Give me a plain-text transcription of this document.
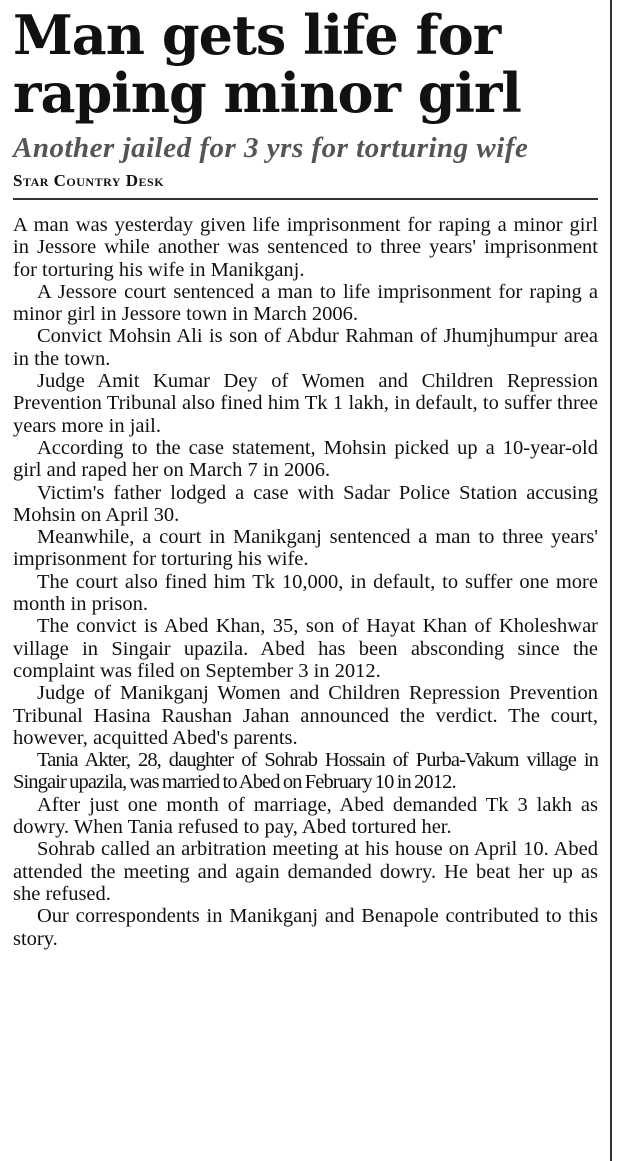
Man gets life for raping minor girl
Another jailed for 3 yrs for torturing wife
Star Country Desk

A man was yesterday given life imprisonment for raping a minor girl in Jessore while another was sentenced to three years' imprisonment for torturing his wife in Manikganj.

A Jessore court sentenced a man to life imprisonment for raping a minor girl in Jessore town in March 2006.

Convict Mohsin Ali is son of Abdur Rahman of Jhumjhumpur area in the town.

Judge Amit Kumar Dey of Women and Children Repression Prevention Tribunal also fined him Tk 1 lakh, in default, to suffer three years more in jail.

According to the case statement, Mohsin picked up a 10-year-old girl and raped her on March 7 in 2006.

Victim's father lodged a case with Sadar Police Station accusing Mohsin on April 30.

Meanwhile, a court in Manikganj sentenced a man to three years' imprisonment for torturing his wife.

The court also fined him Tk 10,000, in default, to suffer one more month in prison.

The convict is Abed Khan, 35, son of Hayat Khan of Kholeshwar village in Singair upazila. Abed has been absconding since the complaint was filed on September 3 in 2012.

Judge of Manikganj Women and Children Repression Prevention Tribunal Hasina Raushan Jahan announced the verdict. The court, however, acquitted Abed's parents.

Tania Akter, 28, daughter of Sohrab Hossain of Purba-Vakum village in Singair upazila, was married to Abed on February 10 in 2012.

After just one month of marriage, Abed demanded Tk 3 lakh as dowry. When Tania refused to pay, Abed tortured her.

Sohrab called an arbitration meeting at his house on April 10. Abed attended the meeting and again demanded dowry. He beat her up as she refused.

Our correspondents in Manikganj and Benapole contributed to this story.
